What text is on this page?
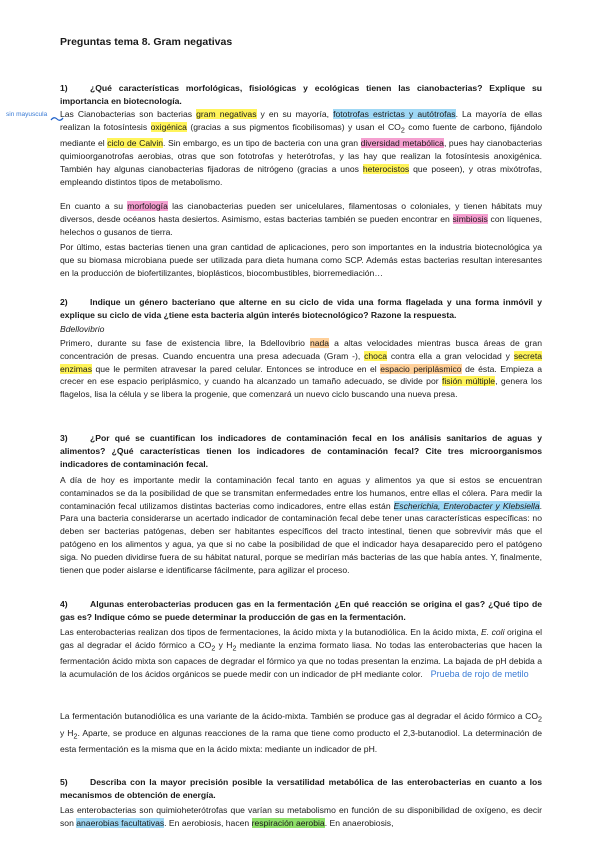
Preguntas tema 8. Gram negativas
sin mayuscula

1)	¿Qué características morfológicas, fisiológicas y ecológicas tienen las cianobacterias? Explique su importancia en biotecnología.

Las Cianobacterias son bacterias gram negativas y en su mayoría, fototrofas estrictas y autótrofas. La mayoría de ellas realizan la fotosíntesis oxigénica (gracias a sus pigmentos ficobilisomas) y usan el $CO_2$ como fuente de carbono, fijándolo mediante el ciclo de Calvin. Sin embargo, es un tipo de bacteria con una gran diversidad metabólica, pues hay cianobacterias quimioorganotrofas aerobias, otras que son fototrofas y heterótrofas, y las hay que realizan la fotosíntesis anoxigénica. También hay algunas cianobacterias fijadoras de nitrógeno (gracias a unos heterocistos que poseen), y otras mixótrofas, empleando distintos tipos de metabolismo.

En cuanto a su morfología las cianobacterias pueden ser unicelulares, filamentosas o coloniales, y tienen hábitats muy diversos, desde océanos hasta desiertos. Asimismo, estas bacterias también se pueden encontrar en simbiosis con líquenes, helechos o gusanos de tierra.

Por último, estas bacterias tienen una gran cantidad de aplicaciones, pero son importantes en la industria biotecnológica ya que su biomasa microbiana puede ser utilizada para dieta humana como SCP. Además estas bacterias resultan interesantes en la producción de biofertilizantes, bioplásticos, biocombustibles, biorremediación…

2)	Indique un género bacteriano que alterne en su ciclo de vida una forma flagelada y una forma inmóvil y explique su ciclo de vida ¿tiene esta bacteria algún interés biotecnológico? Razone la respuesta.

Bdellovibrio

Primero, durante su fase de existencia libre, la Bdellovibrio nada a altas velocidades mientras busca áreas de gran concentración de presas. Cuando encuentra una presa adecuada (Gram -), choca contra ella a gran velocidad y secreta enzimas que le permiten atravesar la pared celular. Entonces se introduce en el espacio periplásmico de ésta. Empieza a crecer en ese espacio periplásmico, y cuando ha alcanzado un tamaño adecuado, se divide por fisión múltiple, genera los flagelos, lisa la célula y se libera la progenie, que comenzará un nuevo ciclo buscando una nueva presa.

3)	¿Por qué se cuantifican los indicadores de contaminación fecal en los análisis sanitarios de aguas y alimentos? ¿Qué características tienen los indicadores de contaminación fecal? Cite tres microorganismos indicadores de contaminación fecal.

A día de hoy es importante medir la contaminación fecal tanto en aguas y alimentos ya que si estos se encuentran contaminados se da la posibilidad de que se transmitan enfermedades entre los humanos, entre ellas el cólera. Para medir la contaminación fecal utilizamos distintas bacterias como indicadores, entre ellas están Escherichia, Enterobacter y Klebsiella. Para una bacteria considerarse un acertado indicador de contaminación fecal debe tener unas características específicas: no deben ser bacterias patógenas, deben ser habitantes específicos del tracto intestinal, tienen que sobrevivir más que el patógeno en los alimentos y agua, ya que si no cabe la posibilidad de que el indicador haya desaparecido pero el patógeno siga. No pueden dividirse fuera de su hábitat natural, porque se medirían más bacterias de las que había antes. Y, finalmente, tienen que poder aislarse e identificarse fácilmente, para agilizar el proceso.

4)	Algunas enterobacterias producen gas en la fermentación ¿En qué reacción se origina el gas? ¿Qué tipo de gas es? Indique cómo se puede determinar la producción de gas en la fermentación.

Las enterobacterias realizan dos tipos de fermentaciones, la ácido mixta y la butanodiólica. En la ácido mixta, E. coli origina el gas al degradar el ácido fórmico a $CO_2$ y $H_2$ mediante la enzima formato liasa. No todas las enterobacterias que hacen la fermentación ácido mixta son capaces de degradar el fórmico ya que no todas presentan la enzima. La bajada de pH debida a la acumulación de los ácidos orgánicos se puede medir con un indicador de pH mediante color. Prueba de rojo de metilo

La fermentación butanodiólica es una variante de la ácido-mixta. También se produce gas al degradar el ácido fórmico a $CO_2$ y $H_2$. Aparte, se produce en algunas reacciones de la rama que tiene como producto el 2,3-butanodiol. La determinación de esta fermentación es la misma que en la ácido mixta: mediante un indicador de pH.

5)	Describa con la mayor precisión posible la versatilidad metabólica de las enterobacterias en cuanto a los mecanismos de obtención de energía.

Las enterobacterias son quimioheterótrofas que varían su metabolismo en función de su disponibilidad de oxígeno, es decir son anaerobias facultativas. En aerobiosis, hacen respiración aerobia. En anaerobiosis,
